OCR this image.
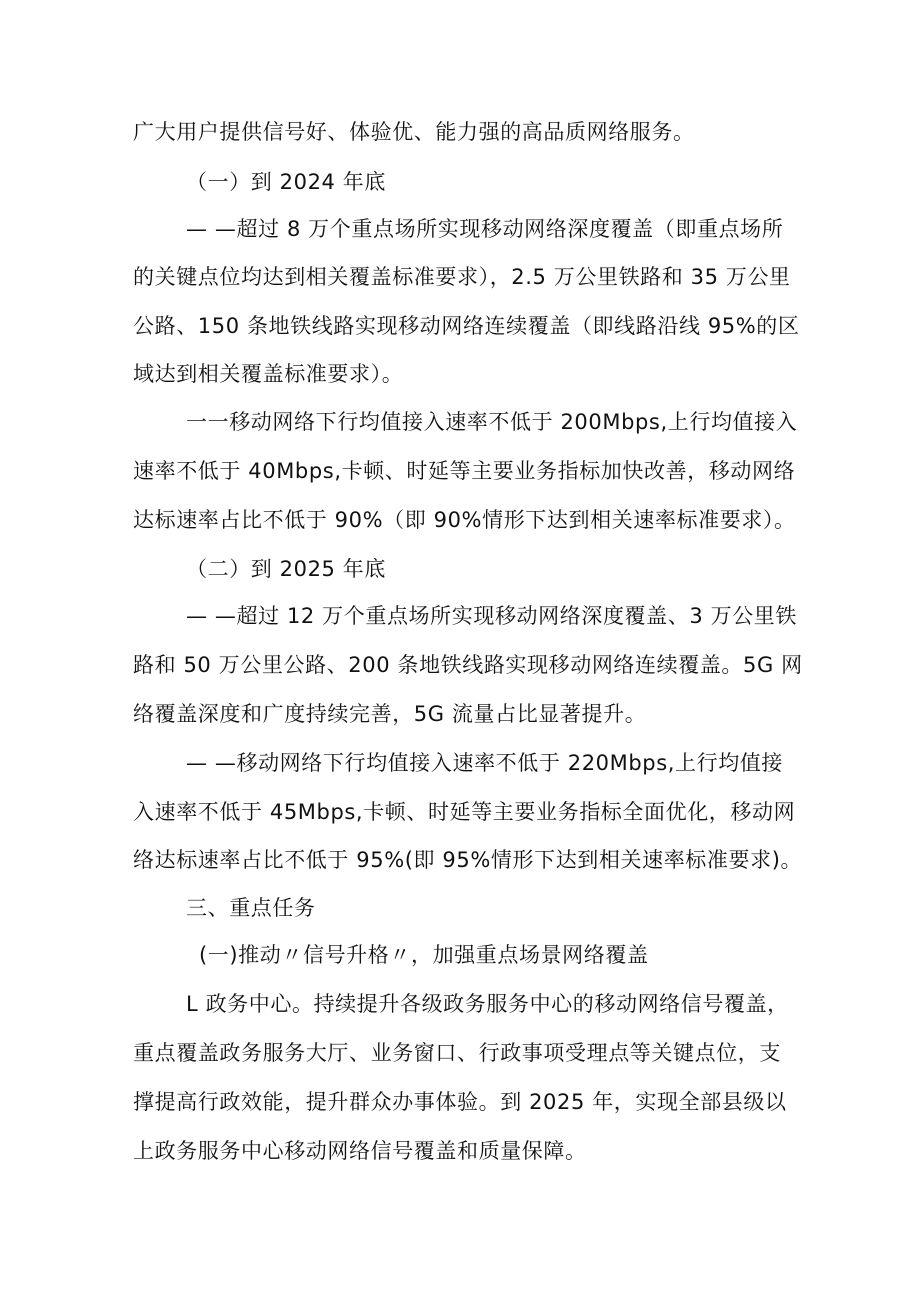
广大用户提供信号好、体验优、能力强的高品质网络服务。
（一）到 2024 年底
— —超过 8 万个重点场所实现移动网络深度覆盖（即重点场所
的关键点位均达到相关覆盖标准要求），2.5 万公里铁路和 35 万公里
公路、150 条地铁线路实现移动网络连续覆盖（即线路沿线 95%的区
域达到相关覆盖标准要求）。
一一移动网络下行均值接入速率不低于 200Mbps,上行均值接入
速率不低于 40Mbps,卡顿、时延等主要业务指标加快改善，移动网络
达标速率占比不低于 90%（即 90%情形下达到相关速率标准要求）。
（二）到 2025 年底
— —超过 12 万个重点场所实现移动网络深度覆盖、3 万公里铁
路和 50 万公里公路、200 条地铁线路实现移动网络连续覆盖。5G 网
络覆盖深度和广度持续完善，5G 流量占比显著提升。
— —移动网络下行均值接入速率不低于 220Mbps,上行均值接
入速率不低于 45Mbps,卡顿、时延等主要业务指标全面优化，移动网
络达标速率占比不低于 95%(即 95%情形下达到相关速率标准要求)。
三、重点任务
(一)推动〃信号升格〃，加强重点场景网络覆盖
L 政务中心。持续提升各级政务服务中心的移动网络信号覆盖，
重点覆盖政务服务大厅、业务窗口、行政事项受理点等关键点位，支
撑提高行政效能，提升群众办事体验。到 2025 年，实现全部县级以
上政务服务中心移动网络信号覆盖和质量保障。
